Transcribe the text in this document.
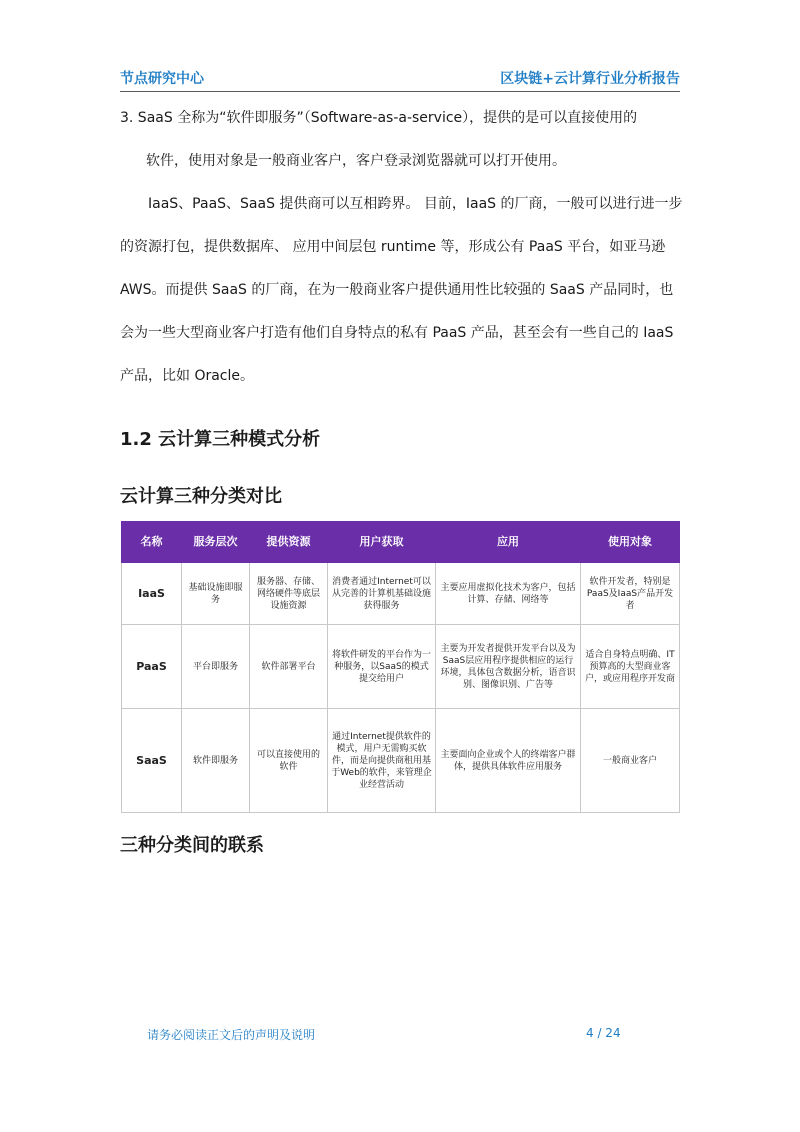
节点研究中心	区块链+云计算行业分析报告

3. SaaS 全称为“软件即服务”（Software-as-a-service），提供的是可以直接使用的

软件，使用对象是一般商业客户，客户登录浏览器就可以打开使用。

IaaS、PaaS、SaaS 提供商可以互相跨界。 目前，IaaS 的厂商，一般可以进行进一步的资源打包，提供数据库、 应用中间层包 runtime 等，形成公有 PaaS 平台，如亚马逊 AWS。而提供 SaaS 的厂商，在为一般商业客户提供通用性比较强的 SaaS 产品同时，也会为一些大型商业客户打造有他们自身特点的私有 PaaS 产品，甚至会有一些自己的 IaaS 产品，比如 Oracle。

1.2 云计算三种模式分析
云计算三种分类对比
名称	服务层次	提供资源	用户获取	应用	使用对象
IaaS	基础设施即服务	服务器、存储、网络硬件等底层设施资源	消费者通过Internet可以从完善的计算机基础设施获得服务	主要应用虚拟化技术为客户，包括计算、存储、网络等	软件开发者，特别是PaaS及IaaS产品开发者
PaaS	平台即服务	软件部署平台	将软件研发的平台作为一种服务，以SaaS的模式提交给用户	主要为开发者提供开发平台以及为SaaS层应用程序提供相应的运行环境，具体包含数据分析，语音识别、图像识别、广告等	适合自身特点明确、IT预算高的大型商业客户，或应用程序开发商
SaaS	软件即服务	可以直接使用的软件	通过Internet提供软件的模式，用户无需购买软件，而是向提供商租用基于Web的软件，来管理企业经营活动	主要面向企业或个人的终端客户群体，提供具体软件应用服务	一般商业客户
三种分类间的联系
请务必阅读正文后的声明及说明	4 / 24
